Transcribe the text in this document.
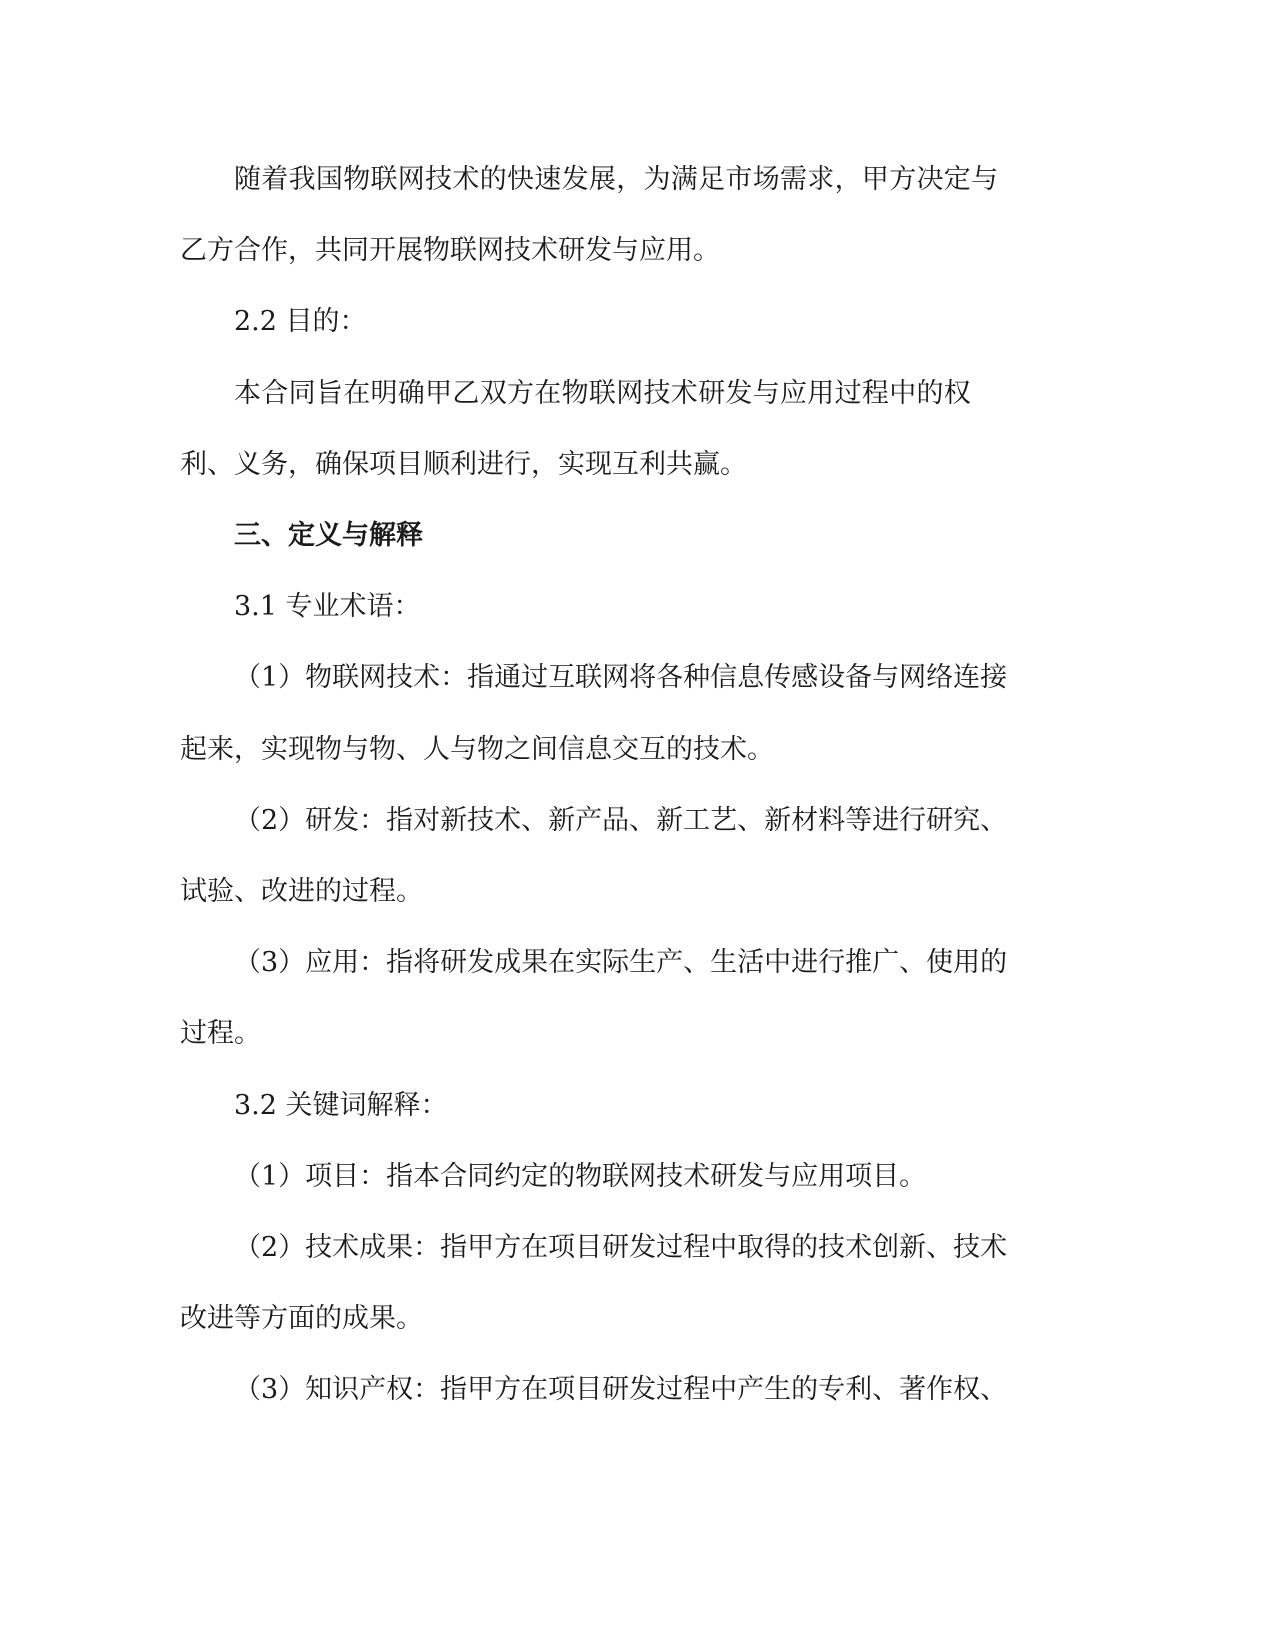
随着我国物联网技术的快速发展，为满足市场需求，甲方决定与
乙方合作，共同开展物联网技术研发与应用。
2.2 目的：
本合同旨在明确甲乙双方在物联网技术研发与应用过程中的权
利、义务，确保项目顺利进行，实现互利共赢。
三、定义与解释
3.1 专业术语：
（1）物联网技术：指通过互联网将各种信息传感设备与网络连接
起来，实现物与物、人与物之间信息交互的技术。
（2）研发：指对新技术、新产品、新工艺、新材料等进行研究、
试验、改进的过程。
（3）应用：指将研发成果在实际生产、生活中进行推广、使用的
过程。
3.2 关键词解释：
（1）项目：指本合同约定的物联网技术研发与应用项目。
（2）技术成果：指甲方在项目研发过程中取得的技术创新、技术
改进等方面的成果。
（3）知识产权：指甲方在项目研发过程中产生的专利、著作权、
